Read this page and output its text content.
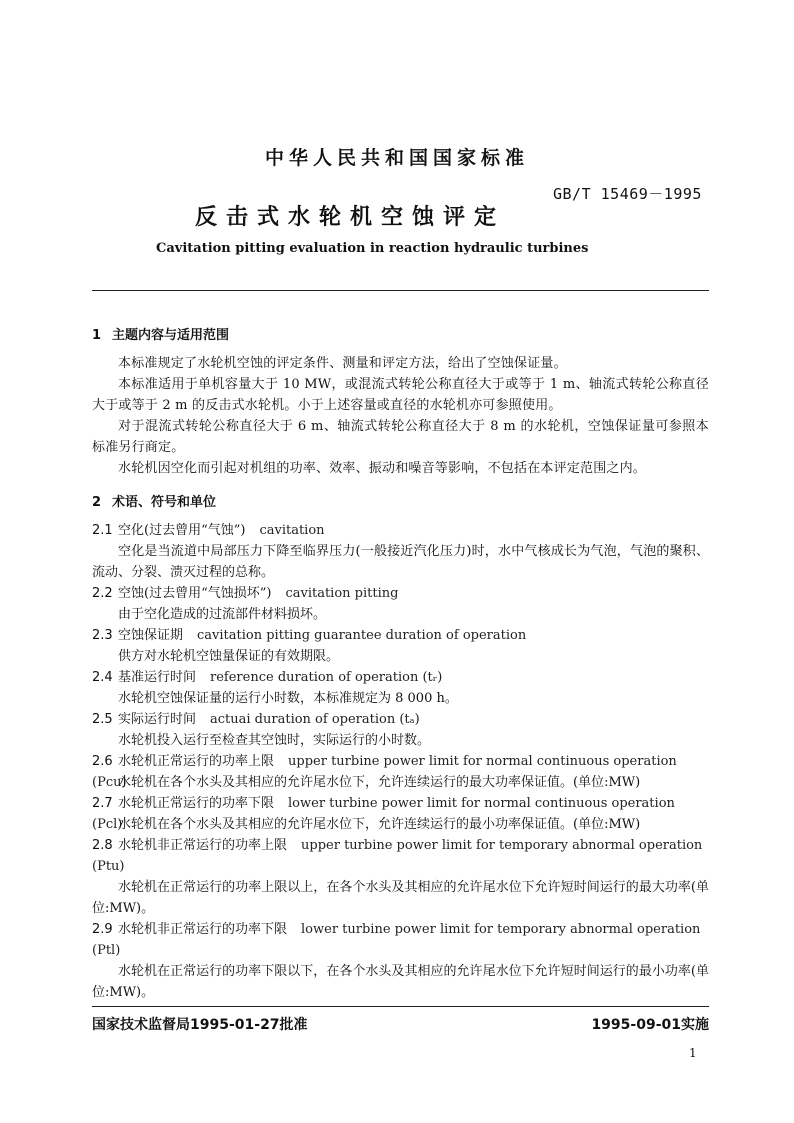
中华人民共和国国家标准
GB/T 15469－1995
反击式水轮机空蚀评定
Cavitation pitting evaluation in reaction hydraulic turbines
1 主题内容与适用范围
本标准规定了水轮机空蚀的评定条件、测量和评定方法，给出了空蚀保证量。
本标准适用于单机容量大于 10 MW，或混流式转轮公称直径大于或等于 1 m、轴流式转轮公称直径大于或等于 2 m 的反击式水轮机。小于上述容量或直径的水轮机亦可参照使用。
对于混流式转轮公称直径大于 6 m、轴流式转轮公称直径大于 8 m 的水轮机，空蚀保证量可参照本标准另行商定。
水轮机因空化而引起对机组的功率、效率、振动和噪音等影响，不包括在本评定范围之内。
2 术语、符号和单位
2.1 空化(过去曾用“气蚀”) cavitation
空化是当流道中局部压力下降至临界压力(一般接近汽化压力)时，水中气核成长为气泡，气泡的聚积、流动、分裂、溃灭过程的总称。
2.2 空蚀(过去曾用“气蚀损坏”) cavitation pitting
由于空化造成的过流部件材料损坏。
2.3 空蚀保证期 cavitation pitting guarantee duration of operation
供方对水轮机空蚀量保证的有效期限。
2.4 基准运行时间 reference duration of operation (tᵣ)
水轮机空蚀保证量的运行小时数，本标准规定为 8 000 h。
2.5 实际运行时间 actuai duration of operation (tₐ)
水轮机投入运行至检查其空蚀时，实际运行的小时数。
2.6 水轮机正常运行的功率上限 upper turbine power limit for normal continuous operation (Pcu)
水轮机在各个水头及其相应的允许尾水位下，允许连续运行的最大功率保证值。(单位:MW)
2.7 水轮机正常运行的功率下限 lower turbine power limit for normal continuous operation (Pcl)
水轮机在各个水头及其相应的允许尾水位下，允许连续运行的最小功率保证值。(单位:MW)
2.8 水轮机非正常运行的功率上限 upper turbine power limit for temporary abnormal operation (Ptu)
水轮机在正常运行的功率上限以上，在各个水头及其相应的允许尾水位下允许短时间运行的最大功率(单位:MW)。
2.9 水轮机非正常运行的功率下限 lower turbine power limit for temporary abnormal operation (Ptl)
水轮机在正常运行的功率下限以下，在各个水头及其相应的允许尾水位下允许短时间运行的最小功率(单位:MW)。
国家技术监督局1995-01-27批准	1995-09-01实施
1
